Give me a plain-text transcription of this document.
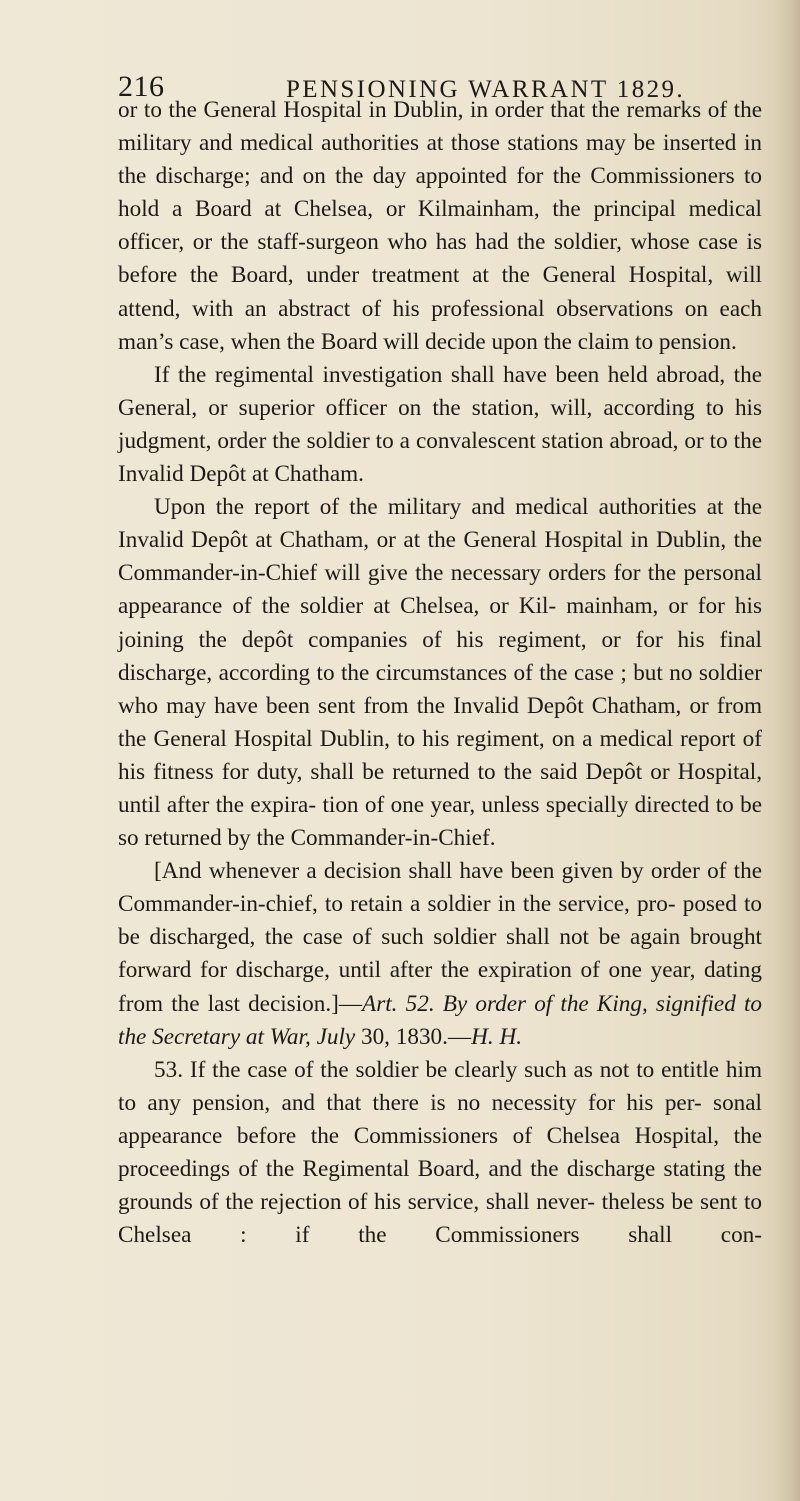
216	PENSIONING WARRANT 1829.

or to the General Hospital in Dublin, in order that the remarks of the military and medical authorities at those stations may be inserted in the discharge; and on the day appointed for the Commissioners to hold a Board at Chelsea, or Kilmainham, the principal medical officer, or the staff-surgeon who has had the soldier, whose case is before the Board, under treatment at the General Hospital, will attend, with an abstract of his professional observations on each man’s case, when the Board will decide upon the claim to pension.

If the regimental investigation shall have been held abroad, the General, or superior officer on the station, will, according to his judgment, order the soldier to a convalescent station abroad, or to the Invalid Depôt at Chatham.

Upon the report of the military and medical authorities at the Invalid Depôt at Chatham, or at the General Hospital in Dublin, the Commander-in-Chief will give the necessary orders for the personal appearance of the soldier at Chelsea, or Kil- mainham, or for his joining the depôt companies of his regiment, or for his final discharge, according to the circumstances of the case ; but no soldier who may have been sent from the Invalid Depôt Chatham, or from the General Hospital Dublin, to his regiment, on a medical report of his fitness for duty, shall be returned to the said Depôt or Hospital, until after the expira- tion of one year, unless specially directed to be so returned by the Commander-in-Chief.

[And whenever a decision shall have been given by order of the Commander-in-chief, to retain a soldier in the service, pro- posed to be discharged, the case of such soldier shall not be again brought forward for discharge, until after the expiration of one year, dating from the last decision.]—Art. 52. By order of the King, signified to the Secretary at War, July 30, 1830.—H. H.

53. If the case of the soldier be clearly such as not to entitle him to any pension, and that there is no necessity for his per- sonal appearance before the Commissioners of Chelsea Hospital, the proceedings of the Regimental Board, and the discharge stating the grounds of the rejection of his service, shall never- theless be sent to Chelsea : if the Commissioners shall con-
